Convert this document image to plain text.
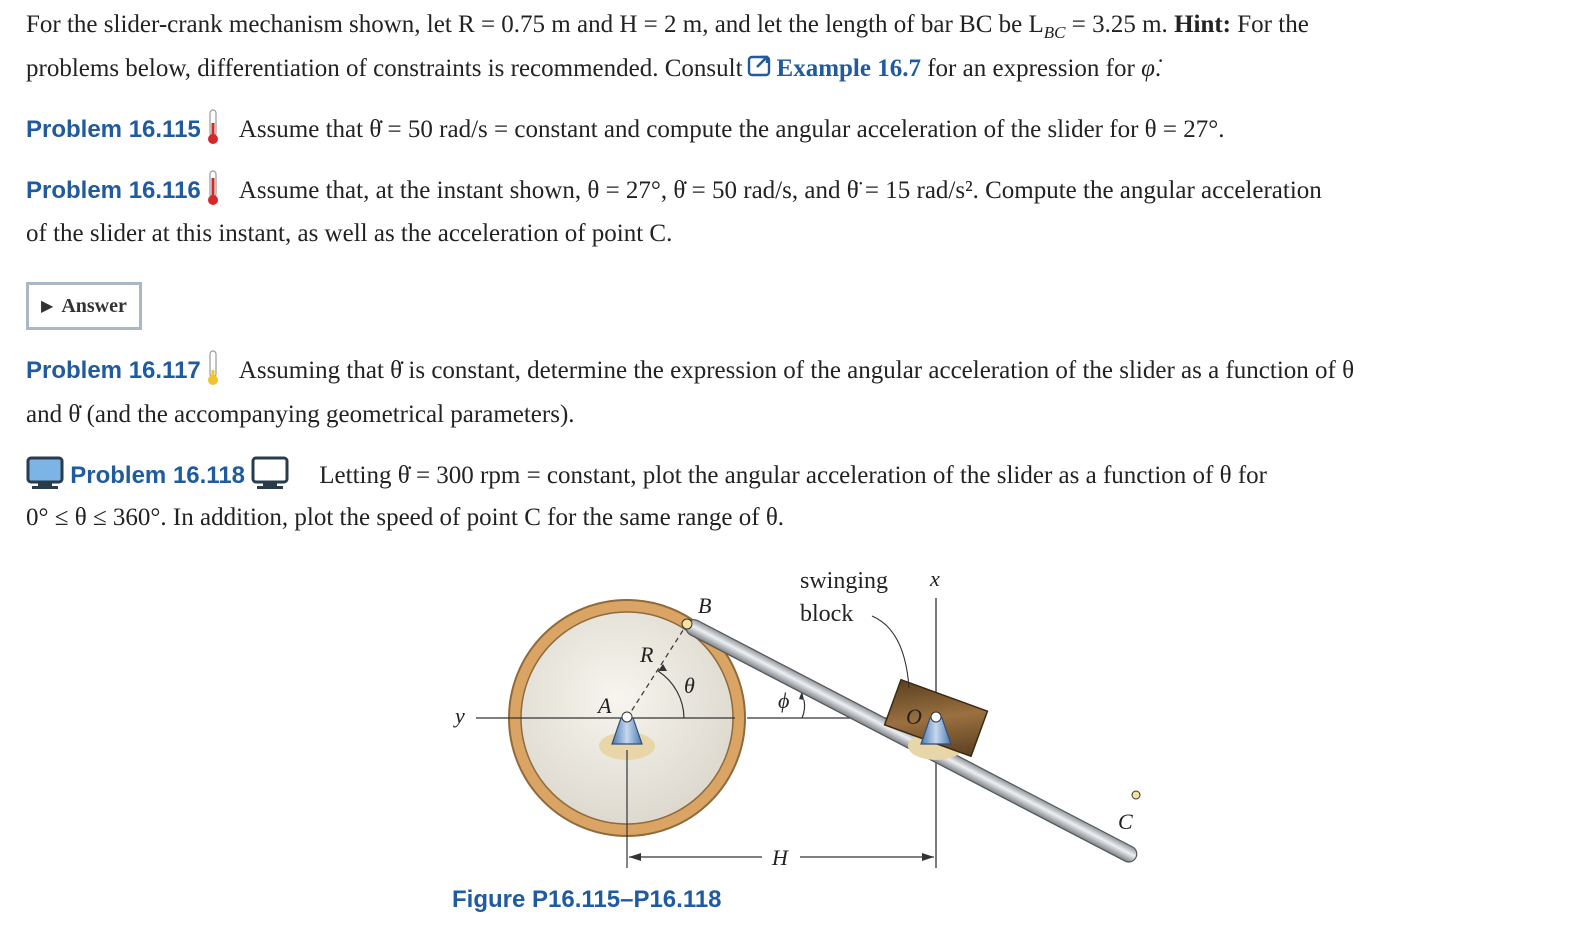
For the slider-crank mechanism shown, let R = 0.75 m and H = 2 m, and let the length of bar BC be $L_{BC} = 3.25$ m. Hint: For the
problems below, differentiation of constraints is recommended. Consult Example 16.7 for an expression for φ̇.
Problem 16.115 Assume that θ̇ = 50 rad/s = constant and compute the angular acceleration of the slider for θ = 27°.
Problem 16.116 Assume that, at the instant shown, θ = 27°, θ̇ = 50 rad/s, and θ̈ = 15 rad/s². Compute the angular acceleration
of the slider at this instant, as well as the acceleration of point C.
▶ Answer
Problem 16.117 Assuming that θ̇ is constant, determine the expression of the angular acceleration of the slider as a function of θ
and θ̇ (and the accompanying geometrical parameters).
Problem 16.118	Letting θ̇ = 300 rpm = constant, plot the angular acceleration of the slider as a function of θ for
0° ≤ θ ≤ 360°. In addition, plot the speed of point C for the same range of θ.
B
R
θ
A
y
ϕ
swinging
block
x
O
C
H
Figure P16.115–P16.118
